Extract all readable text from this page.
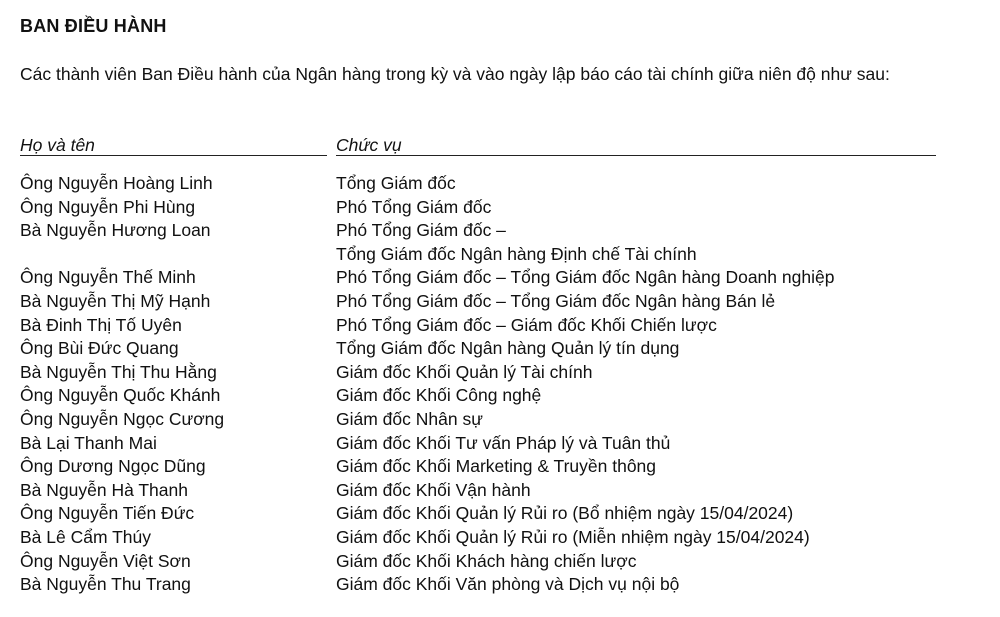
BAN ĐIỀU HÀNH
Các thành viên Ban Điều hành của Ngân hàng trong kỳ và vào ngày lập báo cáo tài chính giữa niên độ như sau:
Họ và tên	Chức vụ
Ông Nguyễn Hoàng Linh	Tổng Giám đốc
Ông Nguyễn Phi Hùng	Phó Tổng Giám đốc
Bà Nguyễn Hương Loan	Phó Tổng Giám đốc –
Tổng Giám đốc Ngân hàng Định chế Tài chính
Ông Nguyễn Thế Minh	Phó Tổng Giám đốc – Tổng Giám đốc Ngân hàng Doanh nghiệp
Bà Nguyễn Thị Mỹ Hạnh	Phó Tổng Giám đốc – Tổng Giám đốc Ngân hàng Bán lẻ
Bà Đinh Thị Tố Uyên	Phó Tổng Giám đốc – Giám đốc Khối Chiến lược
Ông Bùi Đức Quang	Tổng Giám đốc Ngân hàng Quản lý tín dụng
Bà Nguyễn Thị Thu Hằng	Giám đốc Khối Quản lý Tài chính
Ông Nguyễn Quốc Khánh	Giám đốc Khối Công nghệ
Ông Nguyễn Ngọc Cương	Giám đốc Nhân sự
Bà Lại Thanh Mai	Giám đốc Khối Tư vấn Pháp lý và Tuân thủ
Ông Dương Ngọc Dũng	Giám đốc Khối Marketing & Truyền thông
Bà Nguyễn Hà Thanh	Giám đốc Khối Vận hành
Ông Nguyễn Tiến Đức	Giám đốc Khối Quản lý Rủi ro (Bổ nhiệm ngày 15/04/2024)
Bà Lê Cẩm Thúy	Giám đốc Khối Quản lý Rủi ro (Miễn nhiệm ngày 15/04/2024)
Ông Nguyễn Việt Sơn	Giám đốc Khối Khách hàng chiến lược
Bà Nguyễn Thu Trang	Giám đốc Khối Văn phòng và Dịch vụ nội bộ
